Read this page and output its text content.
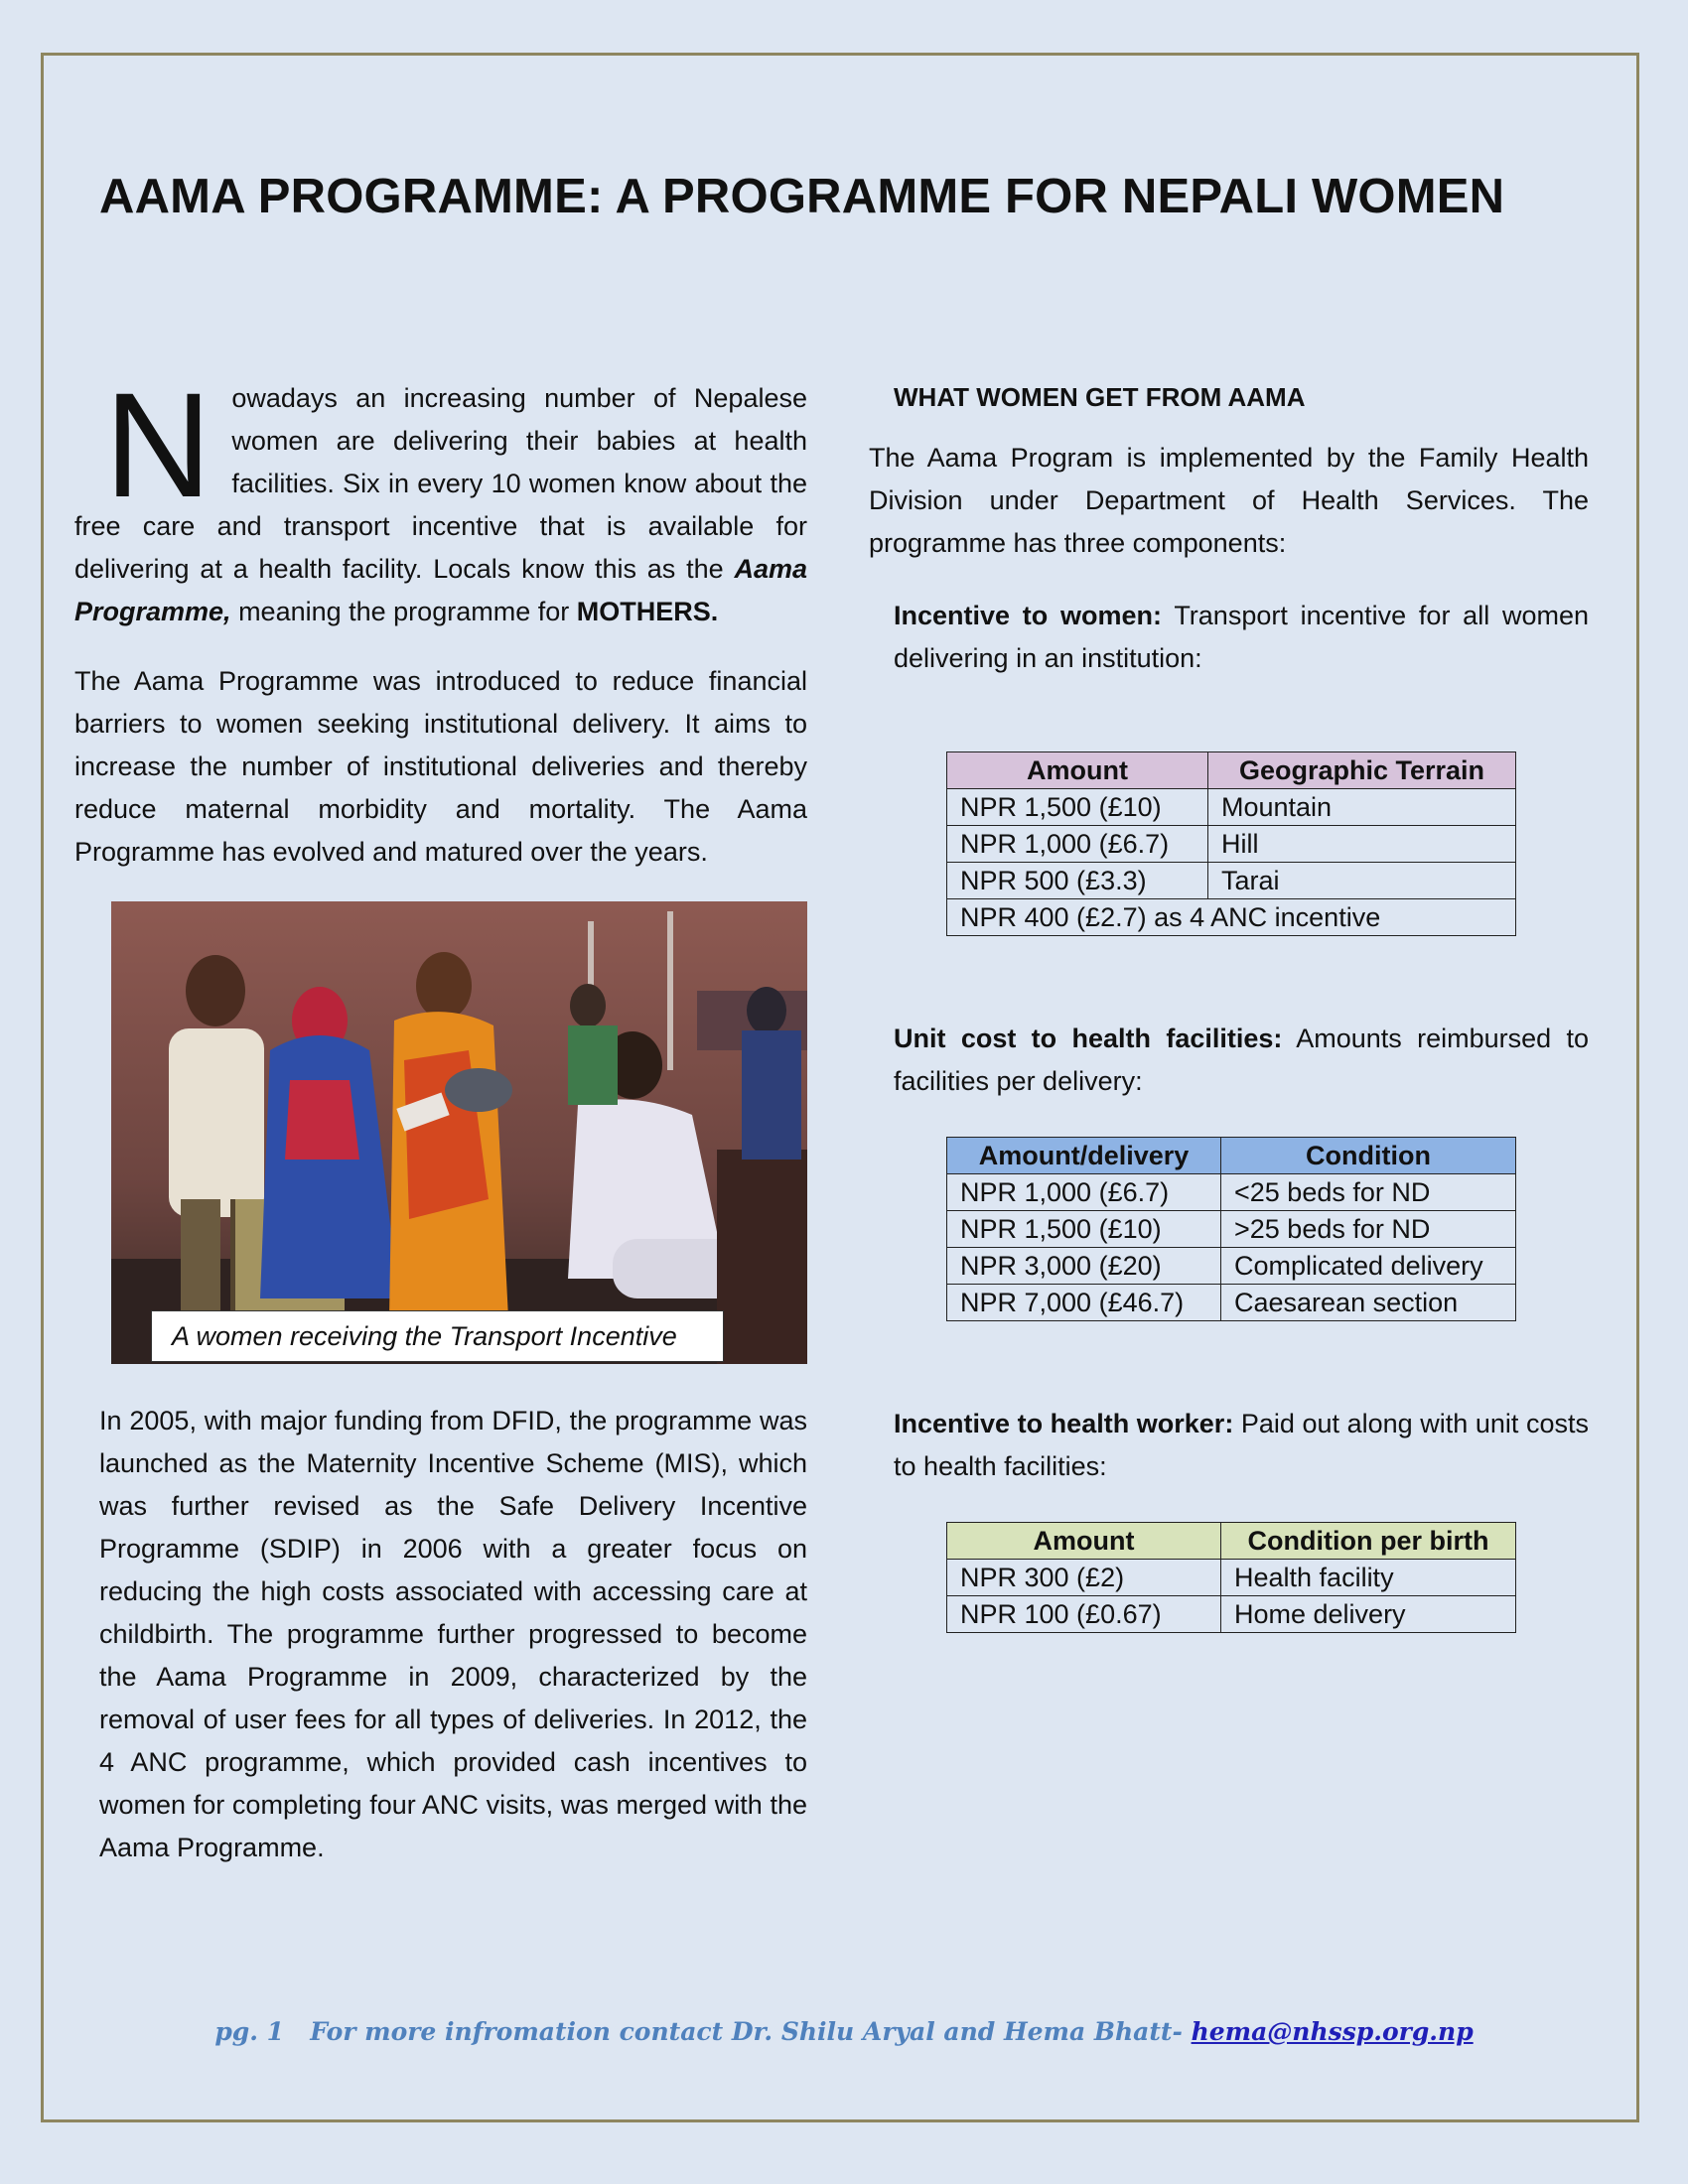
AAMA PROGRAMME: A PROGRAMME FOR NEPALI WOMEN

Nowadays an increasing number of Nepalese women are delivering their babies at health facilities. Six in every 10 women know about the free care and transport incentive that is available for delivering at a health facility. Locals know this as the Aama Programme, meaning the programme for MOTHERS.

The Aama Programme was introduced to reduce financial barriers to women seeking institutional delivery. It aims to increase the number of institutional deliveries and thereby reduce maternal morbidity and mortality. The Aama Programme has evolved and matured over the years.

A women receiving the Transport Incentive

In 2005, with major funding from DFID, the programme was launched as the Maternity Incentive Scheme (MIS), which was further revised as the Safe Delivery Incentive Programme (SDIP) in 2006 with a greater focus on reducing the high costs associated with accessing care at childbirth. The programme further progressed to become the Aama Programme in 2009, characterized by the removal of user fees for all types of deliveries. In 2012, the 4 ANC programme, which provided cash incentives to women for completing four ANC visits, was merged with the Aama Programme.

WHAT WOMEN GET FROM AAMA

The Aama Program is implemented by the Family Health Division under Department of Health Services. The programme has three components:

Incentive to women: Transport incentive for all women delivering in an institution:

Amount	Geographic Terrain
NPR 1,500 (£10)	Mountain
NPR 1,000 (£6.7)	Hill
NPR 500 (£3.3)	Tarai
NPR 400 (£2.7) as 4 ANC incentive	

Unit cost to health facilities: Amounts reimbursed to facilities per delivery:

Amount/delivery	Condition
NPR 1,000 (£6.7)	<25 beds for ND
NPR 1,500 (£10)	>25 beds for ND
NPR 3,000 (£20)	Complicated delivery
NPR 7,000 (£46.7)	Caesarean section

Incentive to health worker: Paid out along with unit costs to health facilities:

Amount	Condition per birth
NPR 300 (£2)	Health facility
NPR 100 (£0.67)	Home delivery
pg. 1 For more infromation contact Dr. Shilu Aryal and Hema Bhatt- hema@nhssp.org.np
